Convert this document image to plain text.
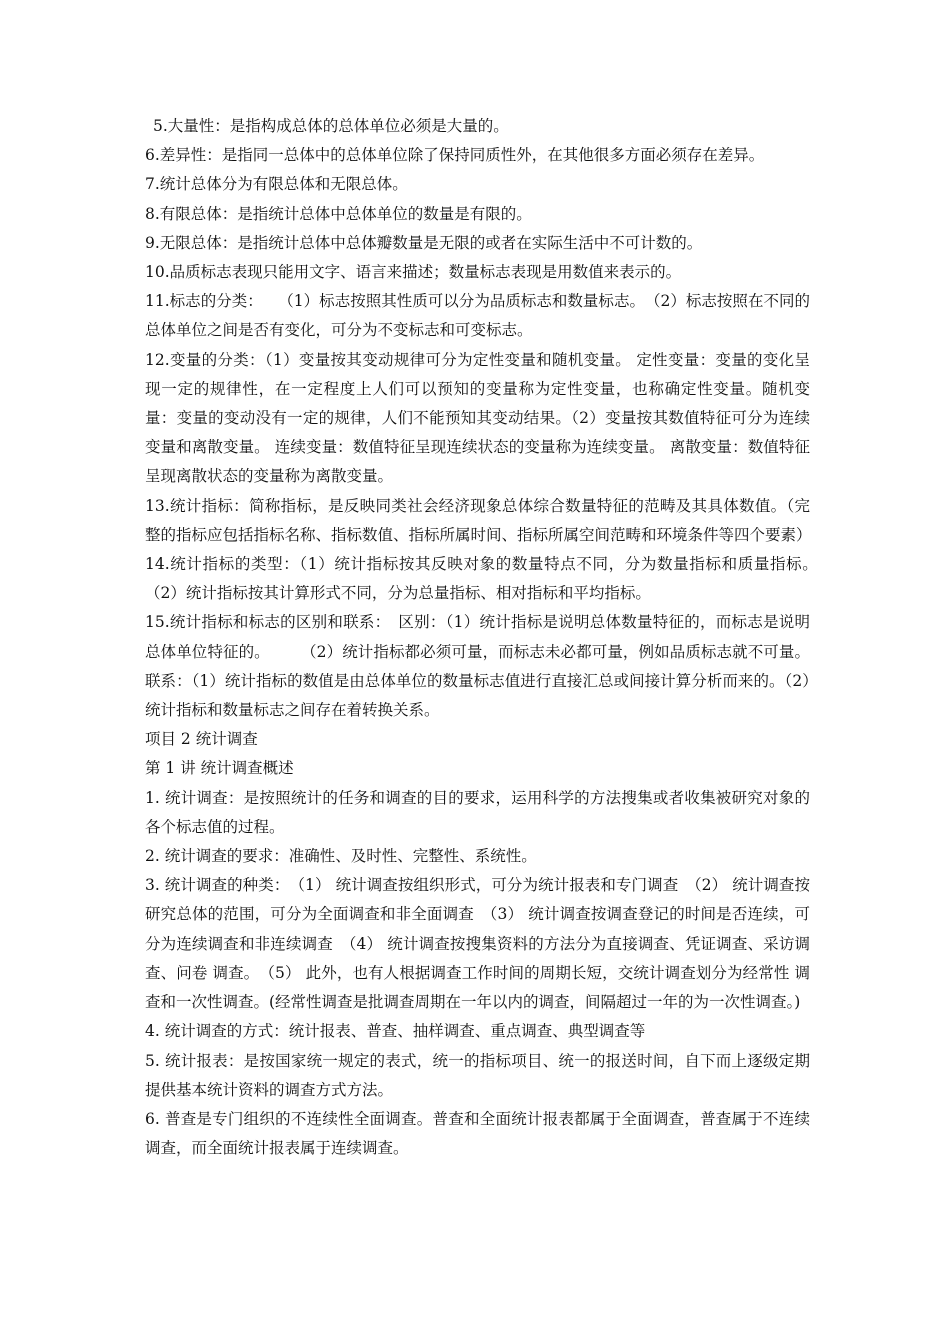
5.大量性：是指构成总体的总体单位必须是大量的。

6.差异性：是指同一总体中的总体单位除了保持同质性外，在其他很多方面必须存在差异。

7.统计总体分为有限总体和无限总体。

8.有限总体：是指统计总体中总体单位的数量是有限的。

9.无限总体：是指统计总体中总体瓣数量是无限的或者在实际生活中不可计数的。

10.品质标志表现只能用文字、语言来描述；数量标志表现是用数值来表示的。

11.标志的分类：　　（1）标志按照其性质可以分为品质标志和数量标志。　（2）标志按照在不同的总体单位之间是否有变化，可分为不变标志和可变标志。

12.变量的分类：（1）变量按其变动规律可分为定性变量和随机变量。 定性变量：变量的变化呈现一定的规律性，在一定程度上人们可以预知的变量称为定性变量，也称确定性变量。随机变量：变量的变动没有一定的规律，人们不能预知其变动结果。（2）变量按其数值特征可分为连续变量和离散变量。 连续变量：数值特征呈现连续状态的变量称为连续变量。 离散变量：数值特征呈现离散状态的变量称为离散变量。

13.统计指标：简称指标，是反映同类社会经济现象总体综合数量特征的范畴及其具体数值。（完整的指标应包括指标名称、指标数值、指标所属时间、指标所属空间范畴和环境条件等四个要素）

14.统计指标的类型：（1）统计指标按其反映对象的数量特点不同，分为数量指标和质量指标。　（2）统计指标按其计算形式不同，分为总量指标、相对指标和平均指标。

15.统计指标和标志的区别和联系：　区别：（1）统计指标是说明总体数量特征的，而标志是说明总体单位特征的。　　　（2）统计指标都必须可量，而标志未必都可量，例如品质标志就不可量。 联系：（1）统计指标的数值是由总体单位的数量标志值进行直接汇总或间接计算分析而来的。（2）统计指标和数量标志之间存在着转换关系。

项目 2 统计调查

第 1 讲 统计调查概述

1. 统计调查：是按照统计的任务和调查的目的要求，运用科学的方法搜集或者收集被研究对象的各个标志值的过程。

2. 统计调查的要求：准确性、及时性、完整性、系统性。

3. 统计调查的种类：　（1） 统计调查按组织形式，可分为统计报表和专门调查　（2） 统计调查按研究总体的范围，可分为全面调查和非全面调查　（3） 统计调查按调查登记的时间是否连续，可分为连续调查和非连续调查　（4） 统计调查按搜集资料的方法分为直接调查、凭证调查、采访调查、问卷 调查。　（5） 此外，也有人根据调查工作时间的周期长短，交统计调查划分为经常性 调查和一次性调查。(经常性调查是批调查周期在一年以内的调查，间隔超过一年的为一次性调查。)

4. 统计调查的方式：统计报表、普查、抽样调查、重点调查、典型调查等

5. 统计报表：是按国家统一规定的表式，统一的指标项目、统一的报送时间，自下而上逐级定期提供基本统计资料的调查方式方法。

6. 普查是专门组织的不连续性全面调查。普查和全面统计报表都属于全面调查，普查属于不连续调查，而全面统计报表属于连续调查。
